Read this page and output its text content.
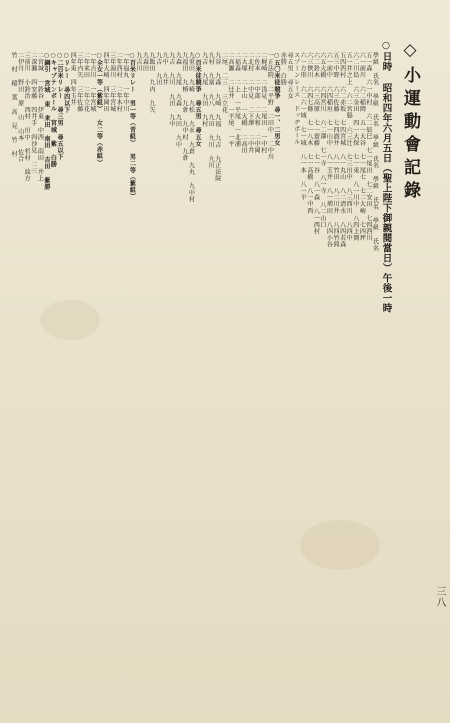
◇小運動會記錄
三八
學級 氏名 學級 氏名 學級 氏名 學級 氏名 學級 氏名
五一森 六一中村 六二辰巳 七一尾田 七二安田 七四西川
六一前川 六二稲岡 五一大谷 七一尾七 七二大崎 七四坪
六二川島 六三金田 四一大保 七一東 八一川中 八四上岡
五一井之上 六二宮脇 六三辻 七三田中 八三西川 八四中
五四西村 六二赤坂 七四宮城 八一丸山 八二清水 八四若森
五三中野 六三佐藤 七四酒井 八一竹田 八二川井 八四竹間
六一前中 六四稲垣 七一山中 八一玉井 八一増田 八四小谷
六五大橋 六四宮川 六二澤 七一寺 八一寺 八二山口
六二鈴木 六三高原 七一齋藤 七一谷 八一森 八一西村
六三狹川 六四七條 七一八木 七一高橋 八一中西
六一方形 六二六一城 七一城 八一本 八一平
スプーンレース ドッヂボール
尋五男 尋五女
赤勝 白勝
○五〇米徒競爭 尋一、二男女
一正法院 二平野 二田中 二中川
二梶崎 二浅見 二尾田 一中村
二佐本 二中部 二大和 二中岡
二北村 二中見 二下澤 二中井
二大塚 二上山 一大橋 二高田
二福森 二上 一平尾 一北浦
二高瀬 二辻井 一平尾 一平
二尾 二三 三立花
九谷 九森 九崎 九福 九吉 九正法院
九村 九富 九八 九田 九川 九川
九吉 九尾 九田 九村
○百米徒競爭 尋五男 尋五女
九重田 九崎 九松 九永 九倉 九丸 九中村
九福田 九椿 九倉 九中村 九倉
九森 九尾 九森 九田 九中
九吉 九川 九田 九中
九中 九井
九吉 九田
九飯田 九内 九矢
九森田
九吉川
○百米リレー 男一等（青組） 男二等（紫組）
一年福丸 一年中川
二年西村 二年木村
三年湯川 三年宮城
四年大崎 四年岡田
○全女一等（紫組） 女二等（赤組）
一年吉川 一年宮城
二年来田 二年立花
三年内矢 三年佐藤
四年東 四年玉井
○リレー 尋四以下
○二百米リレー 尋三男 尋五以下
○キャプテンボール 宮城 紫 白勝
○綱引 宮城 東 来田 南田 吉田 紫勝
二宮城 一鈴谷 伊東 中西 雨田 井上
二深瀬 四安藤 四井手 四沙見 二三
三前川 小鈴治 西村 田中 杉村 綾方
二伊丹 野田 原 山 山本 佐合
竹 村 稲 葉 高 見 竹 村	○日時 昭和四年六月五日（聖上陛下御親閱當日）午後一時
